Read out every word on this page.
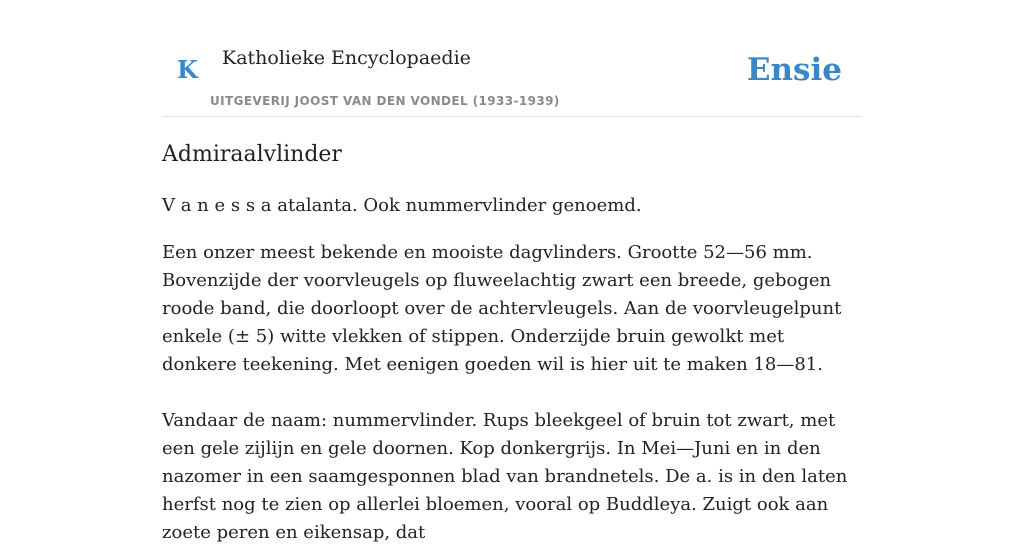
K Katholieke Encyclopaedie
UITGEVERIJ JOOST VAN DEN VONDEL (1933-1939)
Ensie
Admiraalvlinder

V a n e s s a atalanta. Ook nummervlinder genoemd.

Een onzer meest bekende en mooiste dagvlinders. Grootte 52—56 mm. Bovenzijde der voorvleugels op fluweelachtig zwart een breede, gebogen roode band, die doorloopt over de achtervleugels. Aan de voorvleugelpunt enkele (± 5) witte vlekken of stippen. Onderzijde bruin gewolkt met donkere teekening. Met eenigen goeden wil is hier uit te maken 18—81.

Vandaar de naam: nummervlinder. Rups bleekgeel of bruin tot zwart, met een gele zijlijn en gele doornen. Kop donkergrijs. In Mei—Juni en in den nazomer in een saamgesponnen blad van brandnetels. De a. is in den laten herfst nog te zien op allerlei bloemen, vooral op Buddleya. Zuigt ook aan zoete peren en eikensap, dat
